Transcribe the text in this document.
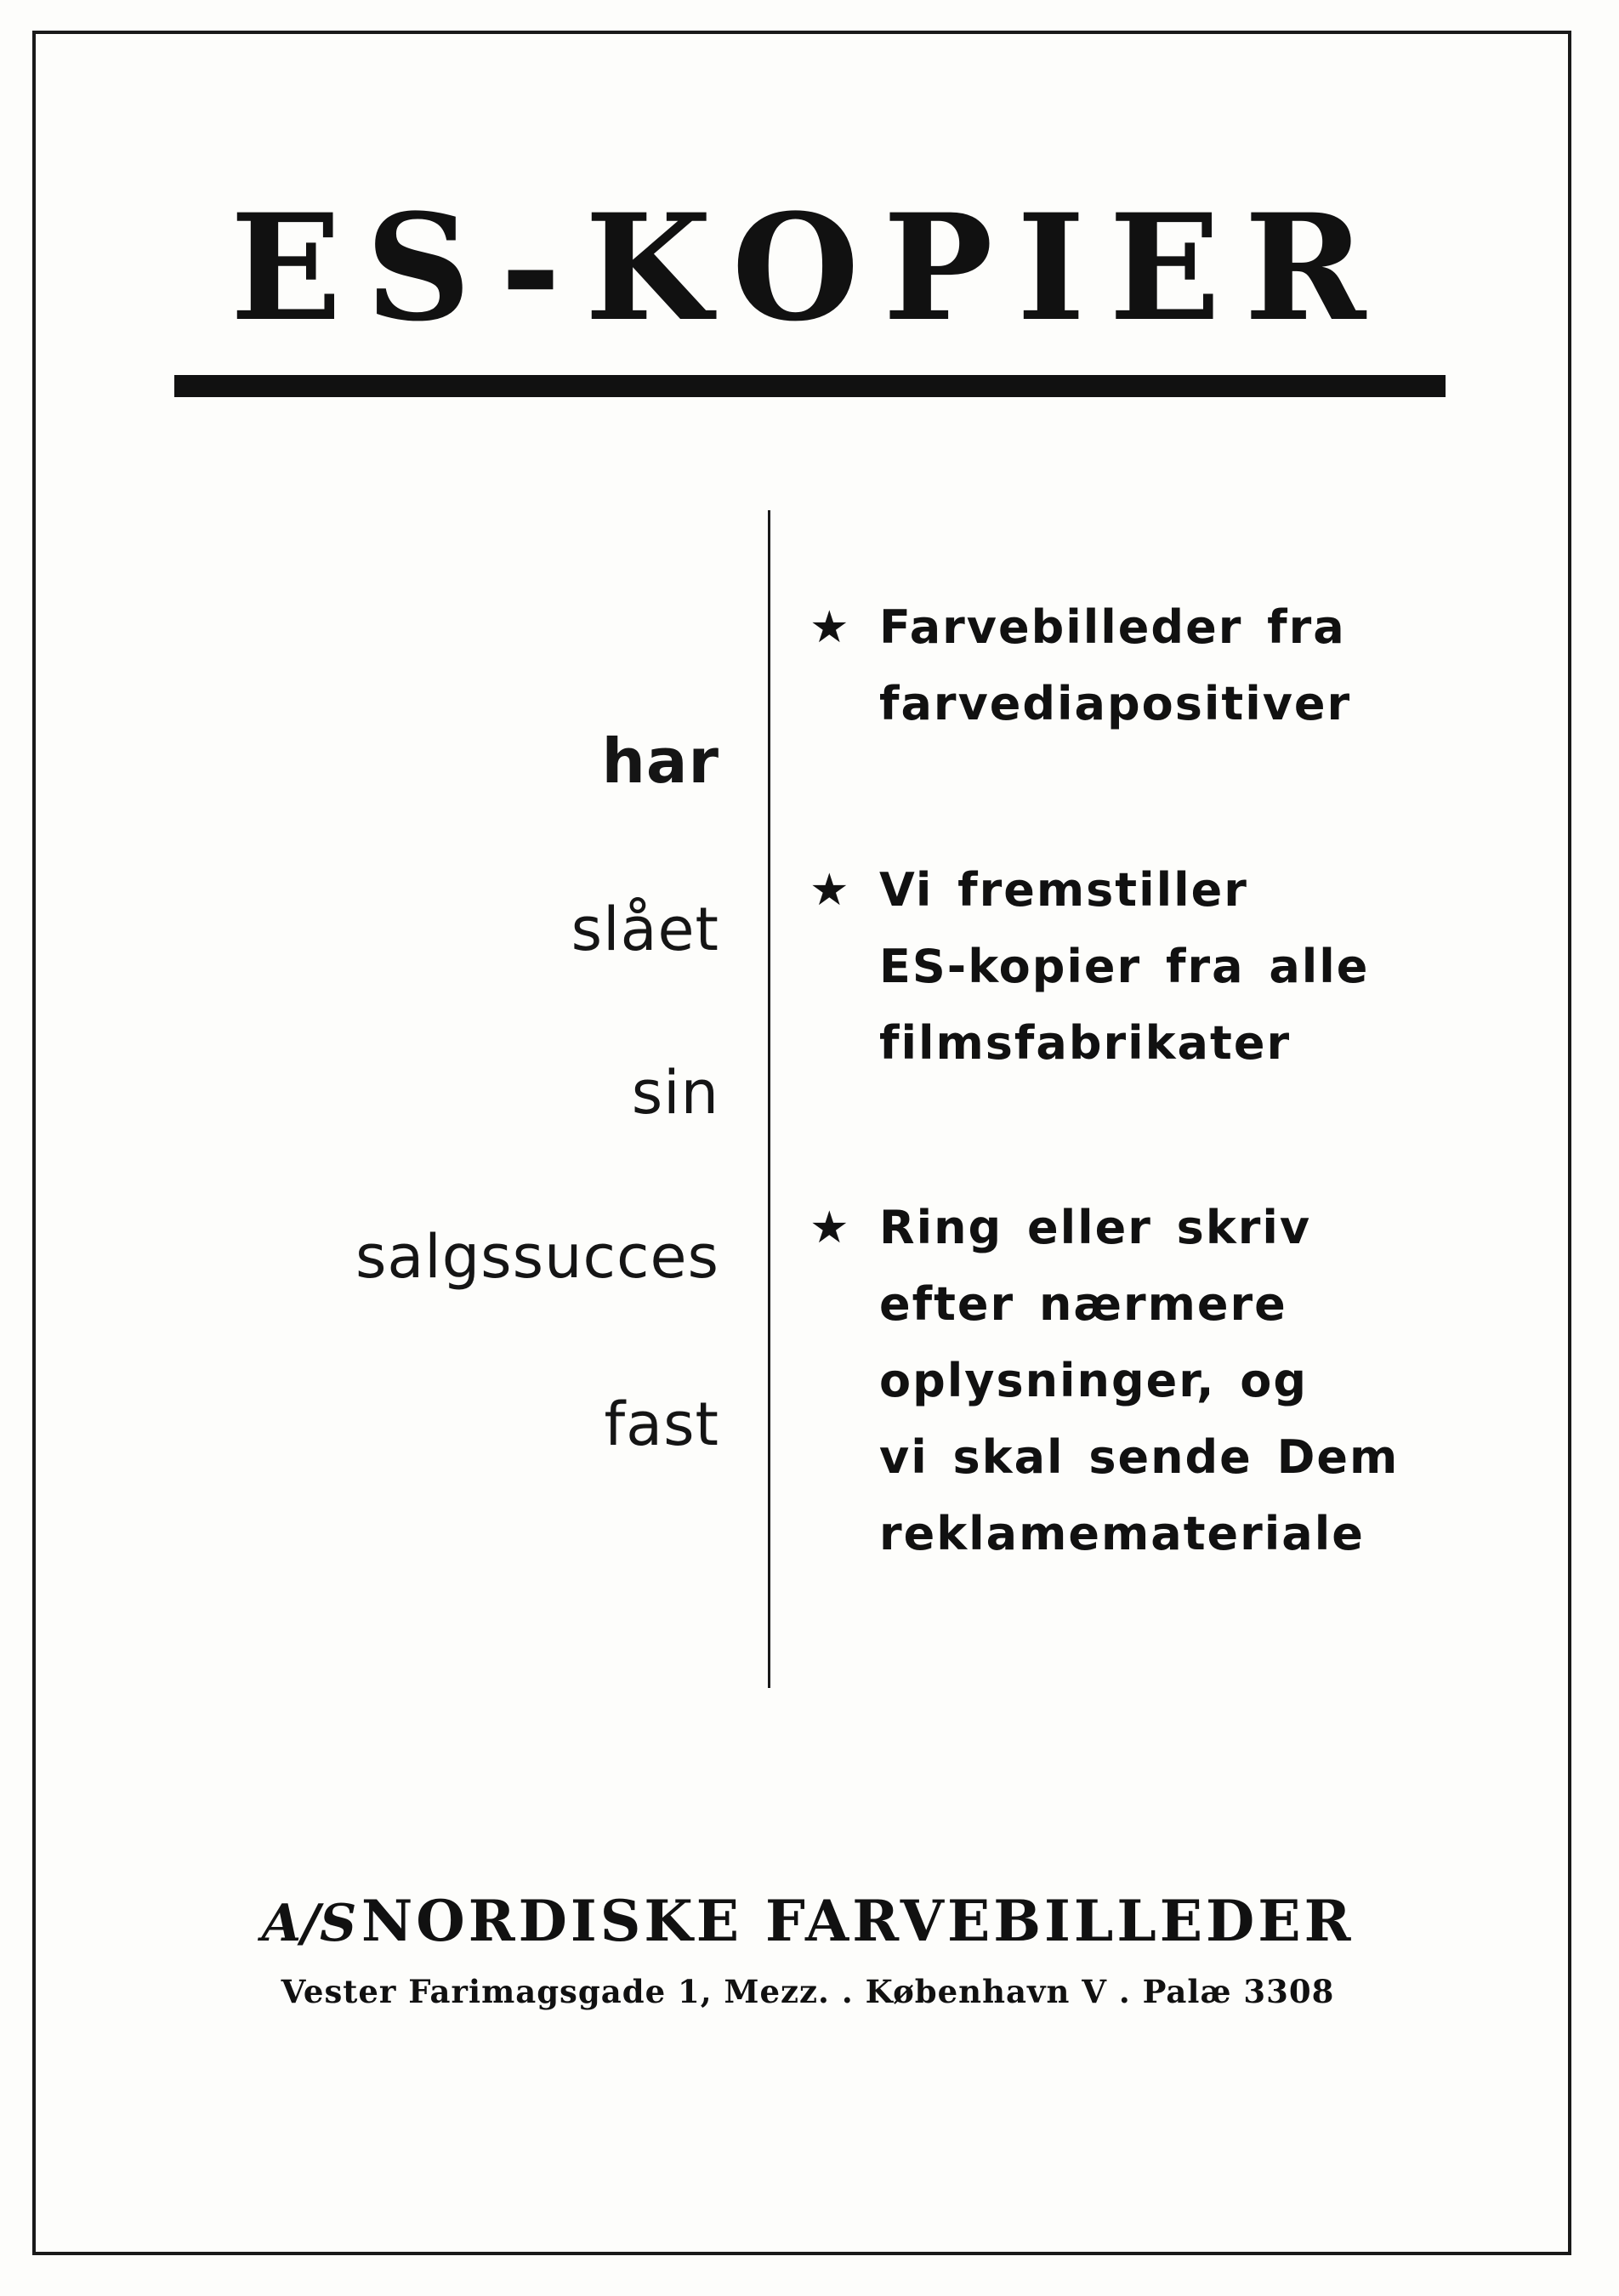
ES-KOPIER
har
slået
sin
salgssucces
fast
★ Farvebilleder fra
farvediapositiver
★ Vi fremstiller
ES-kopier fra alle
filmsfabrikater
★ Ring eller skriv
efter nærmere
oplysninger, og
vi skal sende Dem
reklamemateriale
A/S NORDISKE FARVEBILLEDER
Vester Farimagsgade 1, Mezz. . København V . Palæ 3308
